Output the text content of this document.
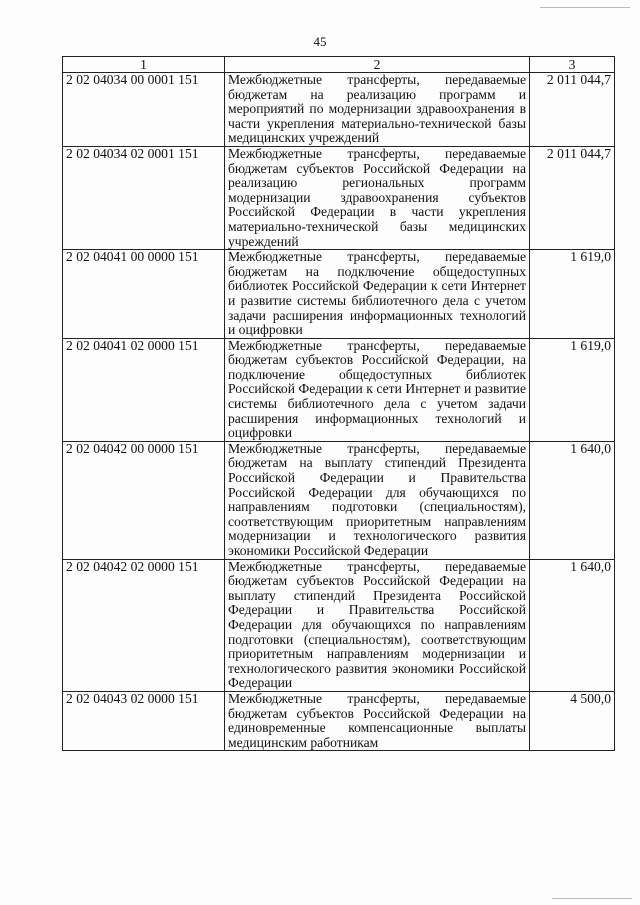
45
1	2	3
2 02 04034 00 0001 151	Межбюджетные трансферты, передаваемые бюджетам на реализацию программ и мероприятий по модернизации здравоохранения в части укрепления материально-технической базы медицинских учреждений	2 011 044,7
2 02 04034 02 0001 151	Межбюджетные трансферты, передаваемые бюджетам субъектов Российской Федерации на реализацию региональных программ модернизации здравоохранения субъектов Российской Федерации в части укрепления материально-технической базы медицинских учреждений	2 011 044,7
2 02 04041 00 0000 151	Межбюджетные трансферты, передаваемые бюджетам на подключение общедоступных библиотек Российской Федерации к сети Интернет и развитие системы библиотечного дела с учетом задачи расширения информационных технологий и оцифровки	1 619,0
2 02 04041 02 0000 151	Межбюджетные трансферты, передаваемые бюджетам субъектов Российской Федерации, на подключение общедоступных библиотек Российской Федерации к сети Интернет и развитие системы библиотечного дела с учетом задачи расширения информационных технологий и оцифровки	1 619,0
2 02 04042 00 0000 151	Межбюджетные трансферты, передаваемые бюджетам на выплату стипендий Президента Российской Федерации и Правительства Российской Федерации для обучающихся по направлениям подготовки (специальностям), соответствующим приоритетным направлениям модернизации и технологического развития экономики Российской Федерации	1 640,0
2 02 04042 02 0000 151	Межбюджетные трансферты, передаваемые бюджетам субъектов Российской Федерации на выплату стипендий Президента Российской Федерации и Правительства Российской Федерации для обучающихся по направлениям подготовки (специальностям), соответствующим приоритетным направлениям модернизации и технологического развития экономики Российской Федерации	1 640,0
2 02 04043 02 0000 151	Межбюджетные трансферты, передаваемые бюджетам субъектов Российской Федерации на единовременные компенсационные выплаты медицинским работникам	4 500,0
